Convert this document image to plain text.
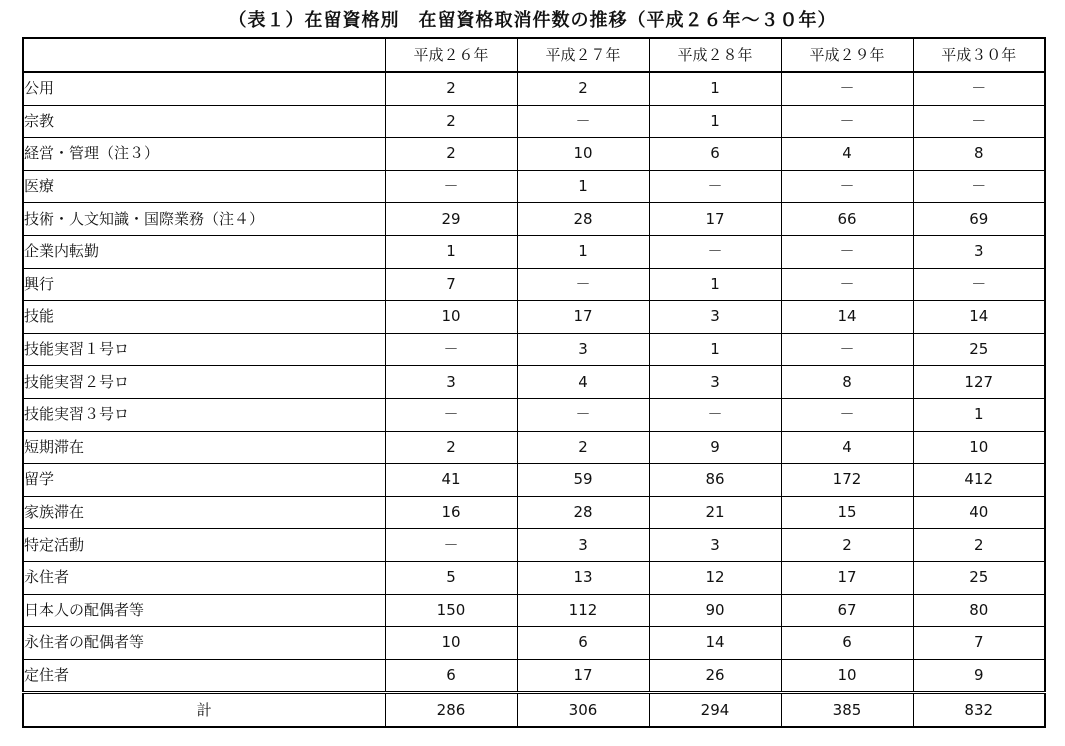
（表１）在留資格別　在留資格取消件数の推移（平成２６年～３０年）
	平成２６年	平成２７年	平成２８年	平成２９年	平成３０年
公用	2	2	1	－	－
宗教	2	－	1	－	－
経営・管理（注３）	2	10	6	4	8
医療	－	1	－	－	－
技術・人文知識・国際業務（注４）	29	28	17	66	69
企業内転勤	1	1	－	－	3
興行	7	－	1	－	－
技能	10	17	3	14	14
技能実習１号ロ	－	3	1	－	25
技能実習２号ロ	3	4	3	8	127
技能実習３号ロ	－	－	－	－	1
短期滞在	2	2	9	4	10
留学	41	59	86	172	412
家族滞在	16	28	21	15	40
特定活動	－	3	3	2	2
永住者	5	13	12	17	25
日本人の配偶者等	150	112	90	67	80
永住者の配偶者等	10	6	14	6	7
定住者	6	17	26	10	9
計	286	306	294	385	832
